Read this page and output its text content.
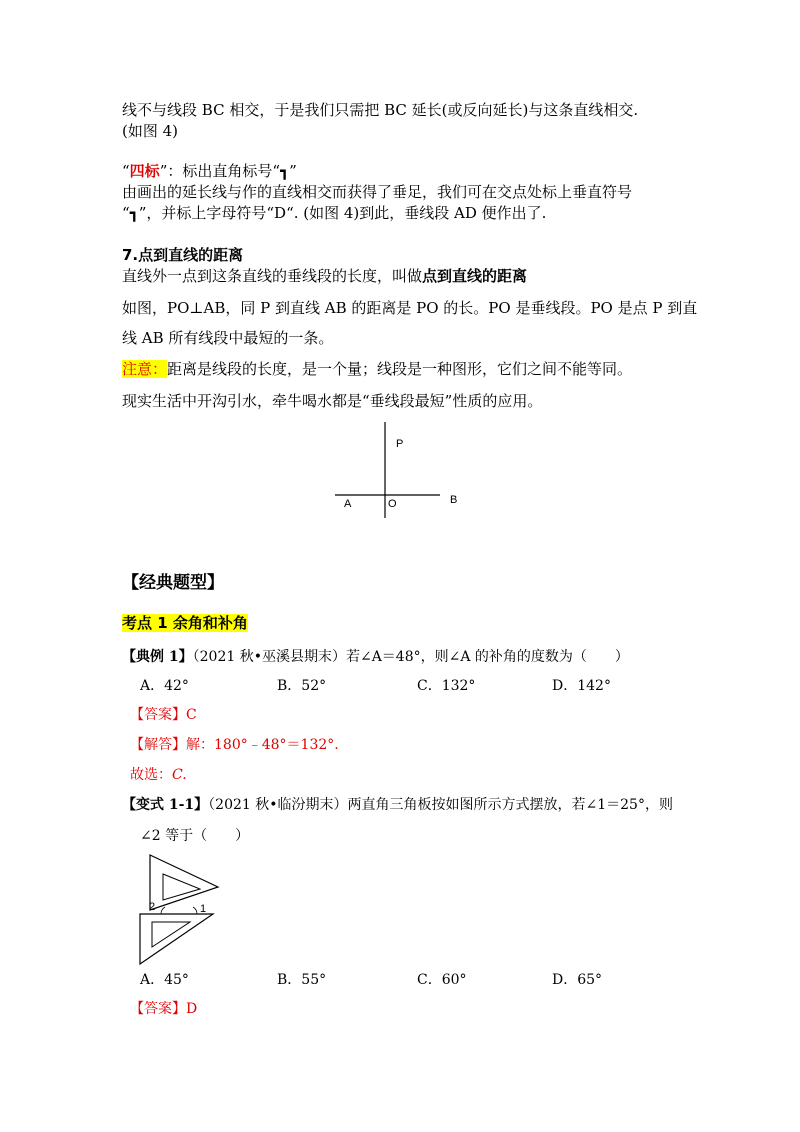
线不与线段 BC 相交，于是我们只需把 BC 延长(或反向延长)与这条直线相交.
(如图 4)
“四标”：标出直角标号“┓”
由画出的延长线与作的直线相交而获得了垂足，我们可在交点处标上垂直符号
“┓”，并标上字母符号“D“. (如图 4)到此，垂线段 AD 便作出了.
7.点到直线的距离
直线外一点到这条直线的垂线段的长度，叫做点到直线的距离
如图，PO⊥AB，同 P 到直线 AB 的距离是 PO 的长。PO 是垂线段。PO 是点 P 到直
线 AB 所有线段中最短的一条。
注意：距离是线段的长度，是一个量；线段是一种图形，它们之间不能等同。
现实生活中开沟引水，牵牛喝水都是“垂线段最短”性质的应用。
P
A	O	B
【经典题型】
考点 1 余角和补角
【典例 1】（2021 秋•巫溪县期末）若∠A＝48°，则∠A 的补角的度数为（　　）
A．42°	B．52°	C．132°	D．142°
【答案】C
【解答】解：180°﹣48°＝132°.
故选：C.
【变式 1-1】（2021 秋•临汾期末）两直角三角板按如图所示方式摆放，若∠1＝25°，则
∠2 等于（　　）
2	1
A．45°	B．55°	C．60°	D．65°
【答案】D
